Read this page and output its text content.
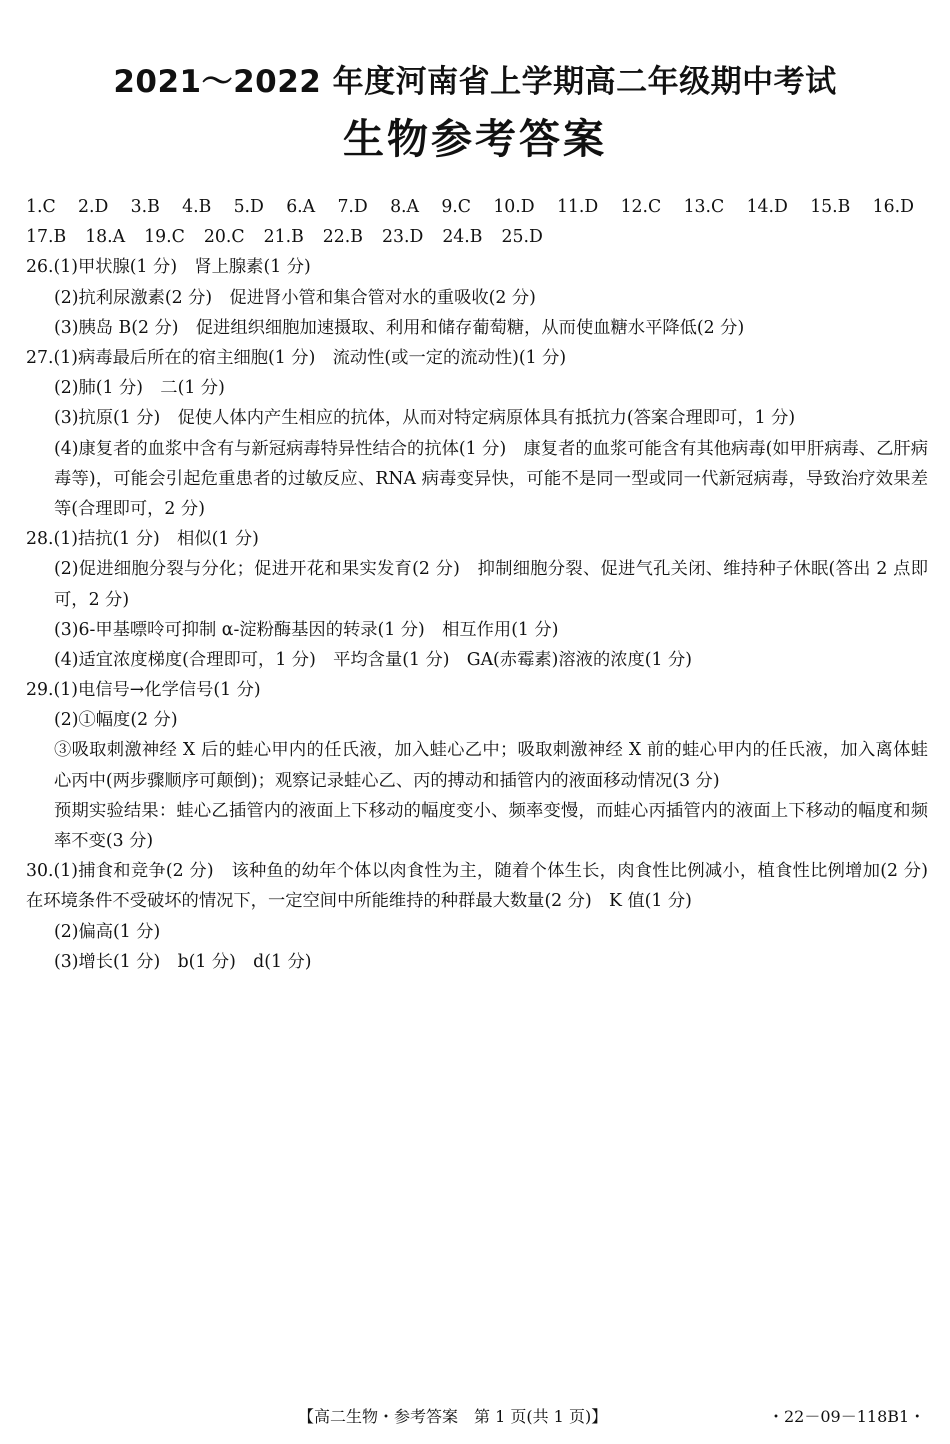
2021～2022 年度河南省上学期高二年级期中考试
生物参考答案
1.C 2.D 3.B 4.B 5.D 6.A 7.D 8.A 9.C 10.D 11.D 12.C 13.C 14.D 15.B 16.D
17.B 18.A 19.C 20.C 21.B 22.B 23.D 24.B 25.D
26.(1)甲状腺(1 分)　肾上腺素(1 分)
(2)抗利尿激素(2 分)　促进肾小管和集合管对水的重吸收(2 分)
(3)胰岛 B(2 分)　促进组织细胞加速摄取、利用和储存葡萄糖，从而使血糖水平降低(2 分)
27.(1)病毒最后所在的宿主细胞(1 分)　流动性(或一定的流动性)(1 分)
(2)肺(1 分)　二(1 分)
(3)抗原(1 分)　促使人体内产生相应的抗体，从而对特定病原体具有抵抗力(答案合理即可，1 分)
(4)康复者的血浆中含有与新冠病毒特异性结合的抗体(1 分)　康复者的血浆可能含有其他病毒(如甲肝病毒、乙肝病毒等)，可能会引起危重患者的过敏反应、RNA 病毒变异快，可能不是同一型或同一代新冠病毒，导致治疗效果差等(合理即可，2 分)
28.(1)拮抗(1 分)　相似(1 分)
(2)促进细胞分裂与分化；促进开花和果实发育(2 分)　抑制细胞分裂、促进气孔关闭、维持种子休眠(答出 2 点即可，2 分)
(3)6-甲基嘌呤可抑制 α-淀粉酶基因的转录(1 分)　相互作用(1 分)
(4)适宜浓度梯度(合理即可，1 分)　平均含量(1 分)　GA(赤霉素)溶液的浓度(1 分)
29.(1)电信号→化学信号(1 分)
(2)①幅度(2 分)
③吸取刺激神经 X 后的蛙心甲内的任氏液，加入蛙心乙中；吸取刺激神经 X 前的蛙心甲内的任氏液，加入离体蛙心丙中(两步骤顺序可颠倒)；观察记录蛙心乙、丙的搏动和插管内的液面移动情况(3 分)
预期实验结果：蛙心乙插管内的液面上下移动的幅度变小、频率变慢，而蛙心丙插管内的液面上下移动的幅度和频率不变(3 分)
30.(1)捕食和竞争(2 分)　该种鱼的幼年个体以肉食性为主，随着个体生长，肉食性比例减小，植食性比例增加(2 分)　在环境条件不受破坏的情况下，一定空间中所能维持的种群最大数量(2 分)　K 值(1 分)
(2)偏高(1 分)
(3)增长(1 分)　b(1 分)　d(1 分)
【高二生物・参考答案　第 1 页(共 1 页)】	・22－09－118B1・
